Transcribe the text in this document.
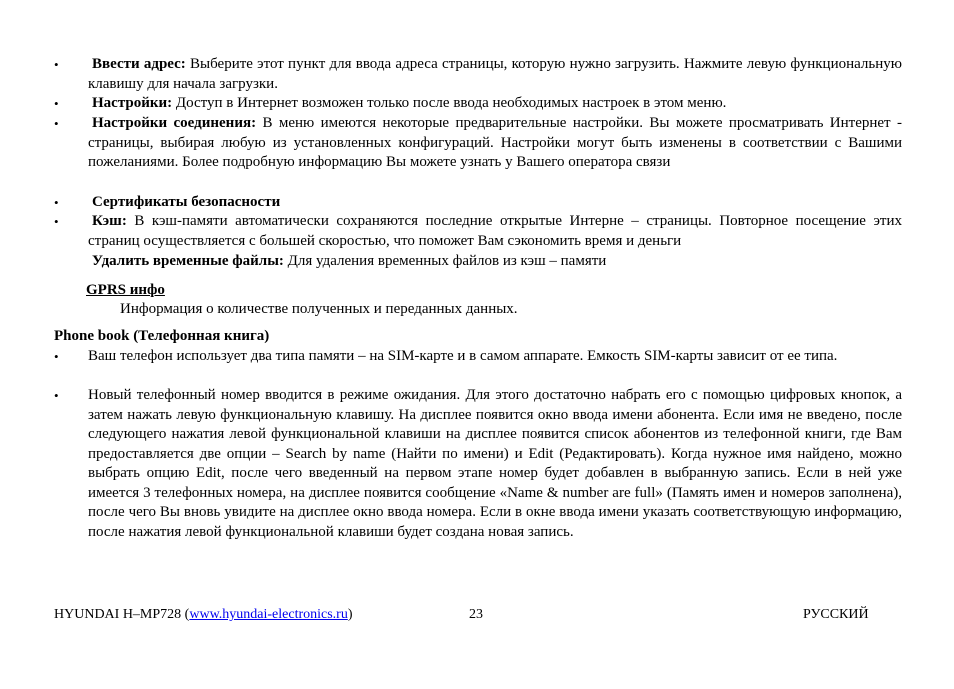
•	Ввести адрес: Выберите этот пункт для ввода адреса страницы, которую нужно загрузить. Нажмите левую функциональную клавишу для начала загрузки.
•	Настройки: Доступ в Интернет возможен только после ввода необходимых настроек в этом меню.
•	Настройки соединения: В меню имеются некоторые предварительные настройки. Вы можете просматривать Интернет - страницы, выбирая любую из установленных конфигураций. Настройки могут быть изменены в соответствии с Вашими пожеланиями. Более подробную информацию Вы можете узнать у Вашего оператора связи
•	Сертификаты безопасности
•	Кэш: В кэш-памяти автоматически сохраняются последние открытые Интерне – страницы. Повторное посещение этих страниц осуществляется с большей скоростью, что поможет Вам сэкономить время и деньги
Удалить временные файлы: Для удаления временных файлов из кэш – памяти
GPRS инфо
Информация о количестве полученных и переданных данных.
Phone book (Телефонная книга)
•	Ваш телефон использует два типа памяти – на SIM-карте и в самом аппарате. Емкость SIM-карты зависит от ее типа.
•	Новый телефонный номер вводится в режиме ожидания. Для этого достаточно набрать его с помощью цифровых кнопок, а затем нажать левую функциональную клавишу. На дисплее появится окно ввода имени абонента. Если имя не введено, после следующего нажатия левой функциональной клавиши на дисплее появится список абонентов из телефонной книги, где Вам предоставляется две опции – Search by name (Найти по имени) и Edit (Редактировать). Когда нужное имя найдено, можно выбрать опцию Edit, после чего введенный на первом этапе номер будет добавлен в выбранную запись. Если в ней уже имеется 3 телефонных номера, на дисплее появится сообщение «Name & number are full» (Память имен и номеров заполнена), после чего Вы вновь увидите на дисплее окно ввода номера. Если в окне ввода имени указать соответствующую информацию, после нажатия левой функциональной клавиши будет создана новая запись.
HYUNDAI H–MP728 (www.hyundai-electronics.ru)	23	РУССКИЙ
